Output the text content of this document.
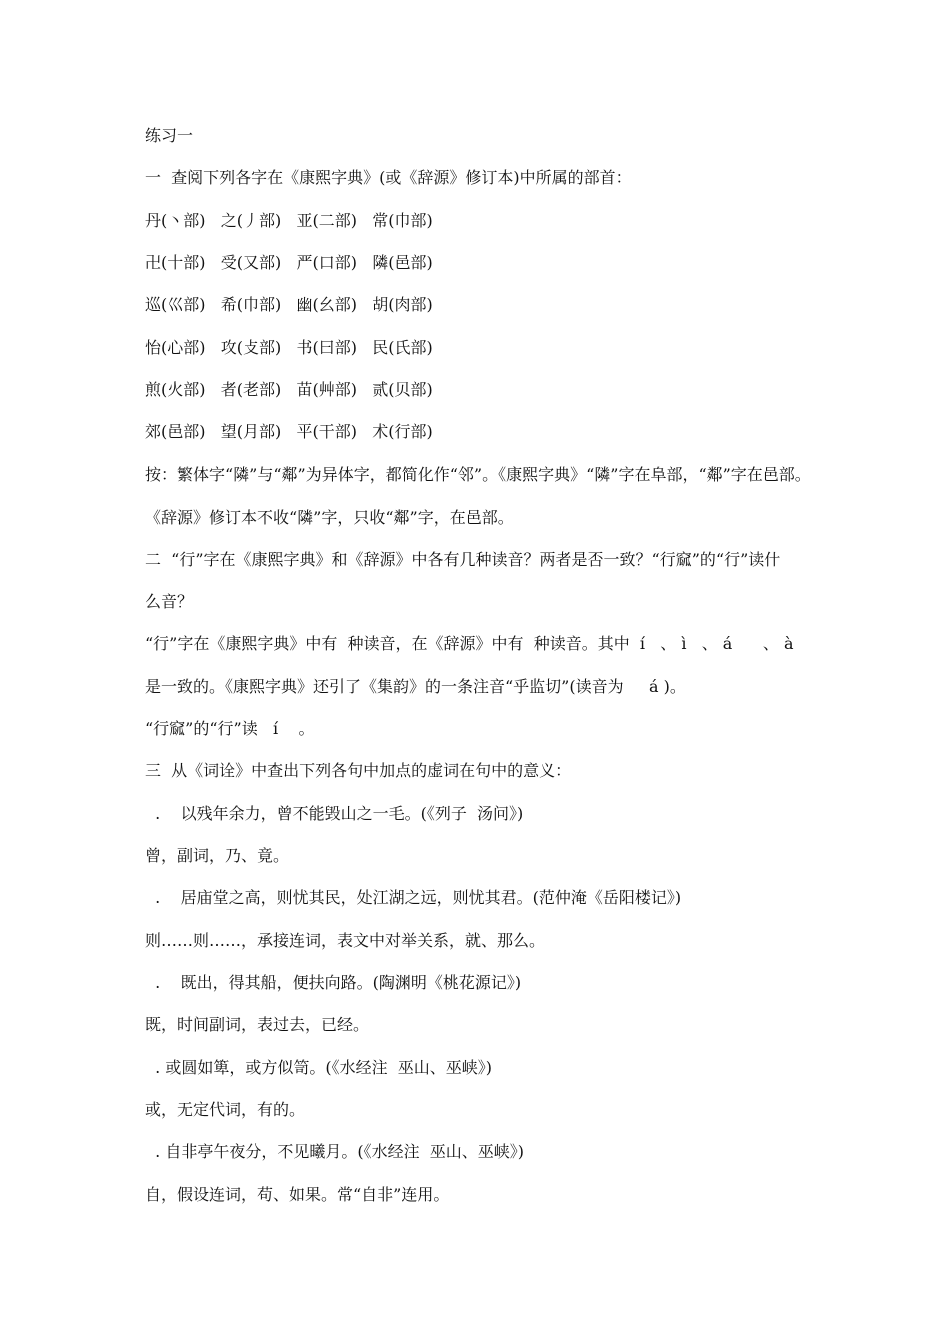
练习一

一  查阅下列各字在《康熙字典》(或《辞源》修订本)中所属的部首：

丹(丶部)   之(丿部)   亚(二部)   常(巾部)

卍(十部)   受(又部)   严(口部)   隣(邑部)

巡(巛部)   希(巾部)   幽(幺部)   胡(肉部)

怡(心部)   攻(攴部)   书(曰部)   民(氏部)

煎(火部)   者(老部)   苗(艸部)   贰(贝部)

郊(邑部)   望(月部)   平(干部)   术(行部)

按：繁体字“隣”与“鄰”为异体字，都简化作“邻”。《康熙字典》“隣”字在阜部，“鄰”字在邑部。

《辞源》修订本不收“隣”字，只收“鄰”字，在邑部。

二  “行”字在《康熙字典》和《辞源》中各有几种读音？两者是否一致？“行窳”的“行”读什

么音？

“行”字在《康熙字典》中有  种读音，在《辞源》中有  种读音。其中  í   、 ì   、 á      、 à

是一致的。《康熙字典》还引了《集韵》的一条注音“乎监切”(读音为     á )。

“行窳”的“行”读   í    。

三  从《词诠》中查出下列各句中加点的虚词在句中的意义：

.    以残年余力，曾不能毁山之一毛。(《列子  汤问》)

曾，副词，乃、竟。

.    居庙堂之高，则忧其民，处江湖之远，则忧其君。(范仲淹《岳阳楼记》)

则……则……，承接连词，表文中对举关系，就、那么。

.    既出，得其船，便扶向路。(陶渊明《桃花源记》)

既，时间副词，表过去，已经。

. 或圆如箄，或方似笥。(《水经注  巫山、巫峡》)

或，无定代词，有的。

. 自非亭午夜分，不见曦月。(《水经注  巫山、巫峡》)

自，假设连词，苟、如果。常“自非”连用。
